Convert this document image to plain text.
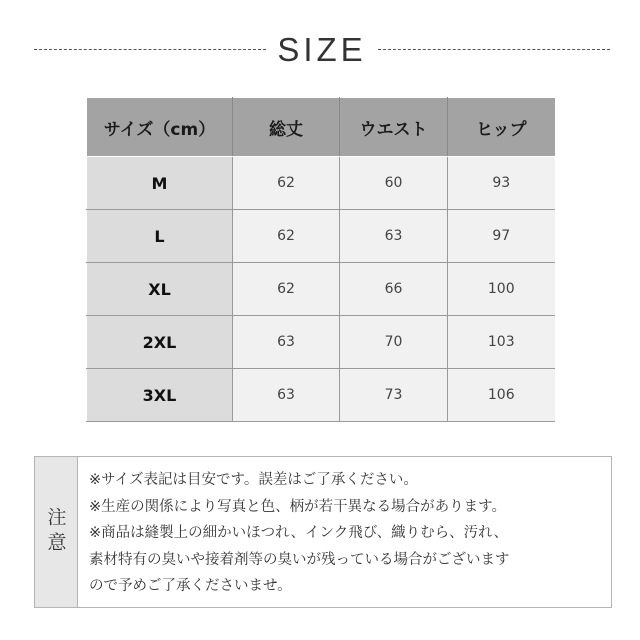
SIZE
サイズ（cm）	総丈	ウエスト	ヒップ
M	62	60	93
L	62	63	97
XL	62	66	100
2XL	63	70	103
3XL	63	73	106
注意
※サイズ表記は目安です。誤差はご了承ください。
※生産の関係により写真と色、柄が若干異なる場合があります。
※商品は縫製上の細かいほつれ、インク飛び、織りむら、汚れ、
素材特有の臭いや接着剤等の臭いが残っている場合がございます
ので予めご了承くださいませ。
